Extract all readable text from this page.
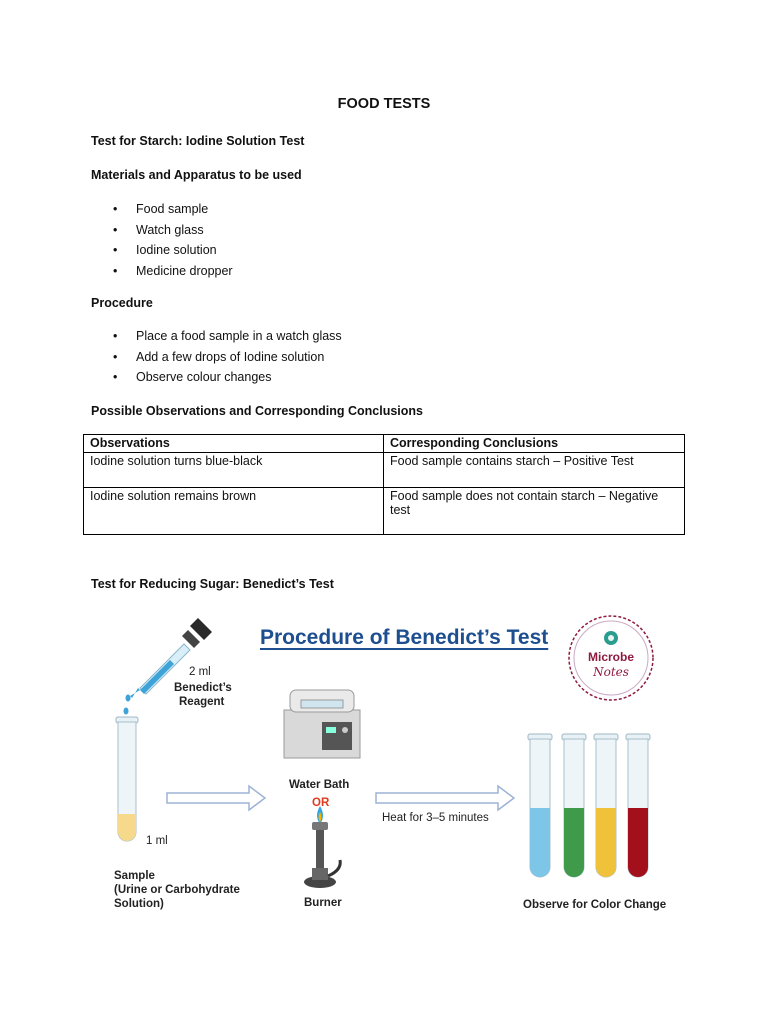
FOOD TESTS
Test for Starch: Iodine Solution Test
Materials and Apparatus to be used
• Food sample
• Watch glass
• Iodine solution
• Medicine dropper
Procedure
• Place a food sample in a watch glass
• Add a few drops of Iodine solution
• Observe colour changes
Possible Observations and Corresponding Conclusions
Observations	Corresponding Conclusions
Iodine solution turns blue-black	Food sample contains starch – Positive Test
Iodine solution remains brown	Food sample does not contain starch – Negative test
Test for Reducing Sugar: Benedict’s Test
Procedure of Benedict’s Test
Microbe
Notes
2 ml
Benedict’s
Reagent
1 ml
Sample
(Urine or Carbohydrate
Solution)
Water Bath
OR
Burner
Heat for 3–5 minutes
Observe for Color Change
